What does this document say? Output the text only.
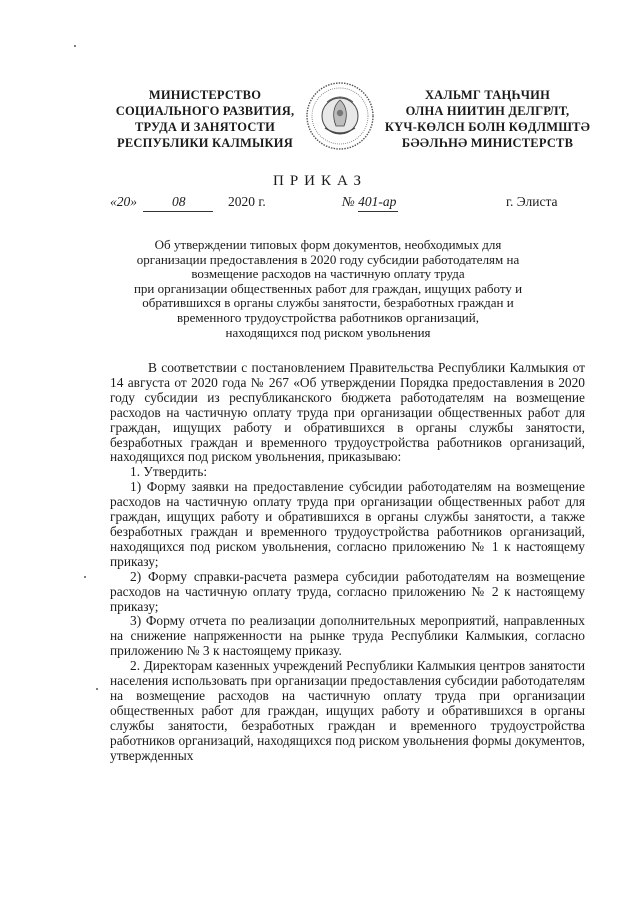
МИНИСТЕРСТВО
СОЦИАЛЬНОГО РАЗВИТИЯ,
ТРУДА И ЗАНЯТОСТИ
РЕСПУБЛИКИ КАЛМЫКИЯ
ХАЛЬМГ ТАҢҺЧИН
ОЛНА НИИТИН ДЕЛГРЛТ,
КҮЧ-КӨЛСН БОЛН КӨДЛМШТӘ
БӘӘЛҺНӘ МИНИСТЕРСТВ
ПРИКАЗ
«20»	08	2020 г.	№ 401-ар	г. Элиста
Об утверждении типовых форм документов, необходимых для
организации предоставления в 2020 году субсидии работодателям на
возмещение расходов на частичную оплату труда
при организации общественных работ для граждан, ищущих работу и
обратившихся в органы службы занятости, безработных граждан и
временного трудоустройства работников организаций,
находящихся под риском увольнения

В соответствии с постановлением Правительства Республики Калмыкия от 14 августа от 2020 года № 267 «Об утверждении Порядка предоставления в 2020 году субсидии из республиканского бюджета работодателям на возмещение расходов на частичную оплату труда при организации общественных работ для граждан, ищущих работу и обратившихся в органы службы занятости, безработных граждан и временного трудоустройства работников организаций, находящихся под риском увольнения, приказываю:

1. Утвердить:

1) Форму заявки на предоставление субсидии работодателям на возмещение расходов на частичную оплату труда при организации общественных работ для граждан, ищущих работу и обратившихся в органы службы занятости, а также безработных граждан и временного трудоустройства работников организаций, находящихся под риском увольнения, согласно приложению № 1 к настоящему приказу;

2) Форму справки-расчета размера субсидии работодателям на возмещение расходов на частичную оплату труда, согласно приложению № 2 к настоящему приказу;

3) Форму отчета по реализации дополнительных мероприятий, направленных на снижение напряженности на рынке труда Республики Калмыкия, согласно приложению № 3 к настоящему приказу.

2. Директорам казенных учреждений Республики Калмыкия центров занятости населения использовать при организации предоставления субсидии работодателям на возмещение расходов на частичную оплату труда при организации общественных работ для граждан, ищущих работу и обратившихся в органы службы занятости, безработных граждан и временного трудоустройства работников организаций, находящихся под риском увольнения формы документов, утвержденных
